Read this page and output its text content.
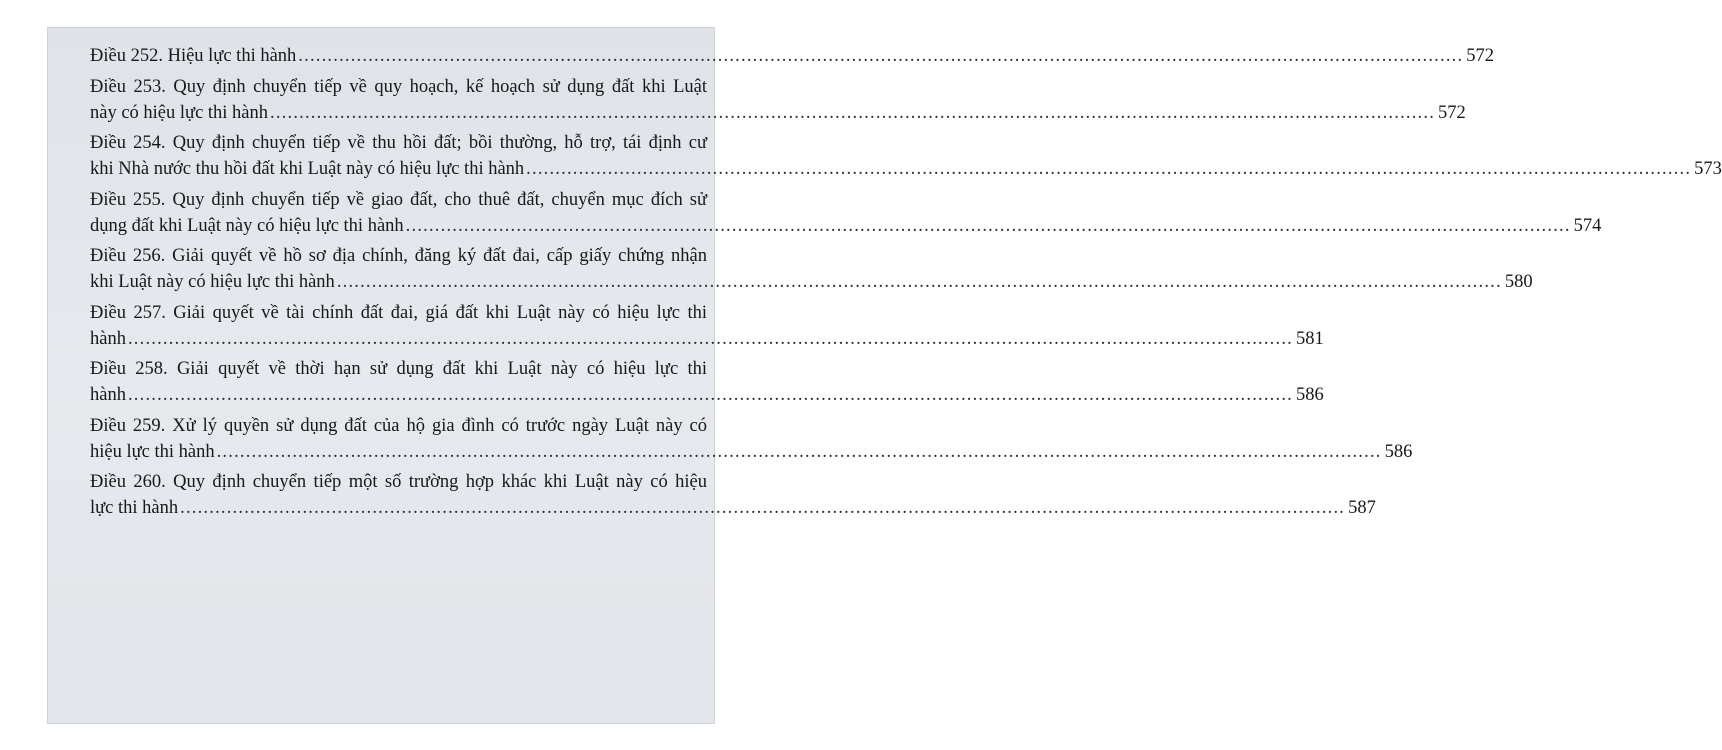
Điều 252. Hiệu lực thi hành ........................................................................................................................................................................................................ 572
Điều 253. Quy định chuyển tiếp về quy hoạch, kế hoạch sử dụng đất khi Luật
này có hiệu lực thi hành ........................................................................................................................................................................................................ 572
Điều 254. Quy định chuyển tiếp về thu hồi đất; bồi thường, hỗ trợ, tái định cư
khi Nhà nước thu hồi đất khi Luật này có hiệu lực thi hành ........................................................................................................................................................................................................ 573
Điều 255. Quy định chuyển tiếp về giao đất, cho thuê đất, chuyển mục đích sử
dụng đất khi Luật này có hiệu lực thi hành ........................................................................................................................................................................................................ 574
Điều 256. Giải quyết về hồ sơ địa chính, đăng ký đất đai, cấp giấy chứng nhận
khi Luật này có hiệu lực thi hành ........................................................................................................................................................................................................ 580
Điều 257. Giải quyết về tài chính đất đai, giá đất khi Luật này có hiệu lực thi
hành ........................................................................................................................................................................................................ 581
Điều 258. Giải quyết về thời hạn sử dụng đất khi Luật này có hiệu lực thi
hành ........................................................................................................................................................................................................ 586
Điều 259. Xử lý quyền sử dụng đất của hộ gia đình có trước ngày Luật này có
hiệu lực thi hành ........................................................................................................................................................................................................ 586
Điều 260. Quy định chuyển tiếp một số trường hợp khác khi Luật này có hiệu
lực thi hành ........................................................................................................................................................................................................ 587
